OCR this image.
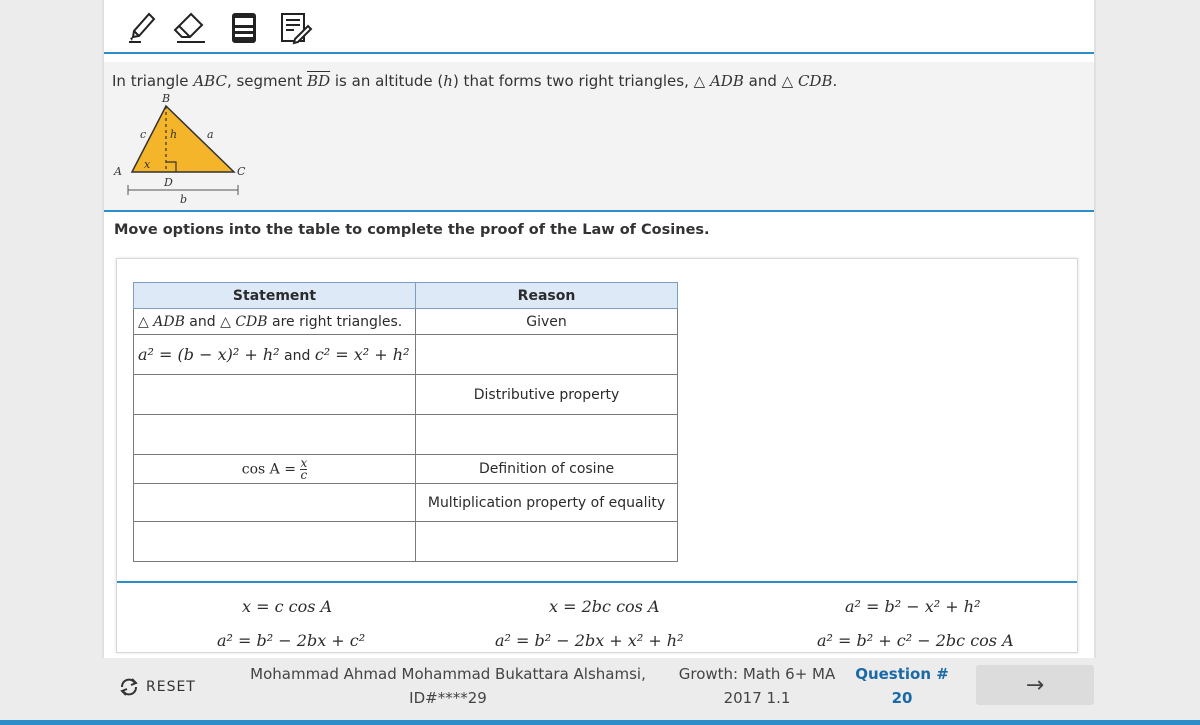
In triangle ABC, segment $\overline{BD}$ is an altitude (h) that forms two right triangles, △ ADB and △ CDB.
B
A	C
D
c	a
h
x
b
Move options into the table to complete the proof of the Law of Cosines.
Statement	Reason
△ ADB and △ CDB are right triangles.	Given
a² = (b − x)² + h² and c² = x² + h²	
	Distributive property

$\cos A = \frac{x}{c}$	Definition of cosine
	Multiplication property of equality

x = c cos A	x = 2bc cos A	a² = b² − x² + h²
a² = b² − 2bx + c²	a² = b² − 2bx + x² + h²	a² = b² + c² − 2bc cos A
RESET
Mohammad Ahmad Mohammad Bukattara Alshamsi,
ID#****29
Growth: Math 6+ MA
2017 1.1
Question #
20
→
